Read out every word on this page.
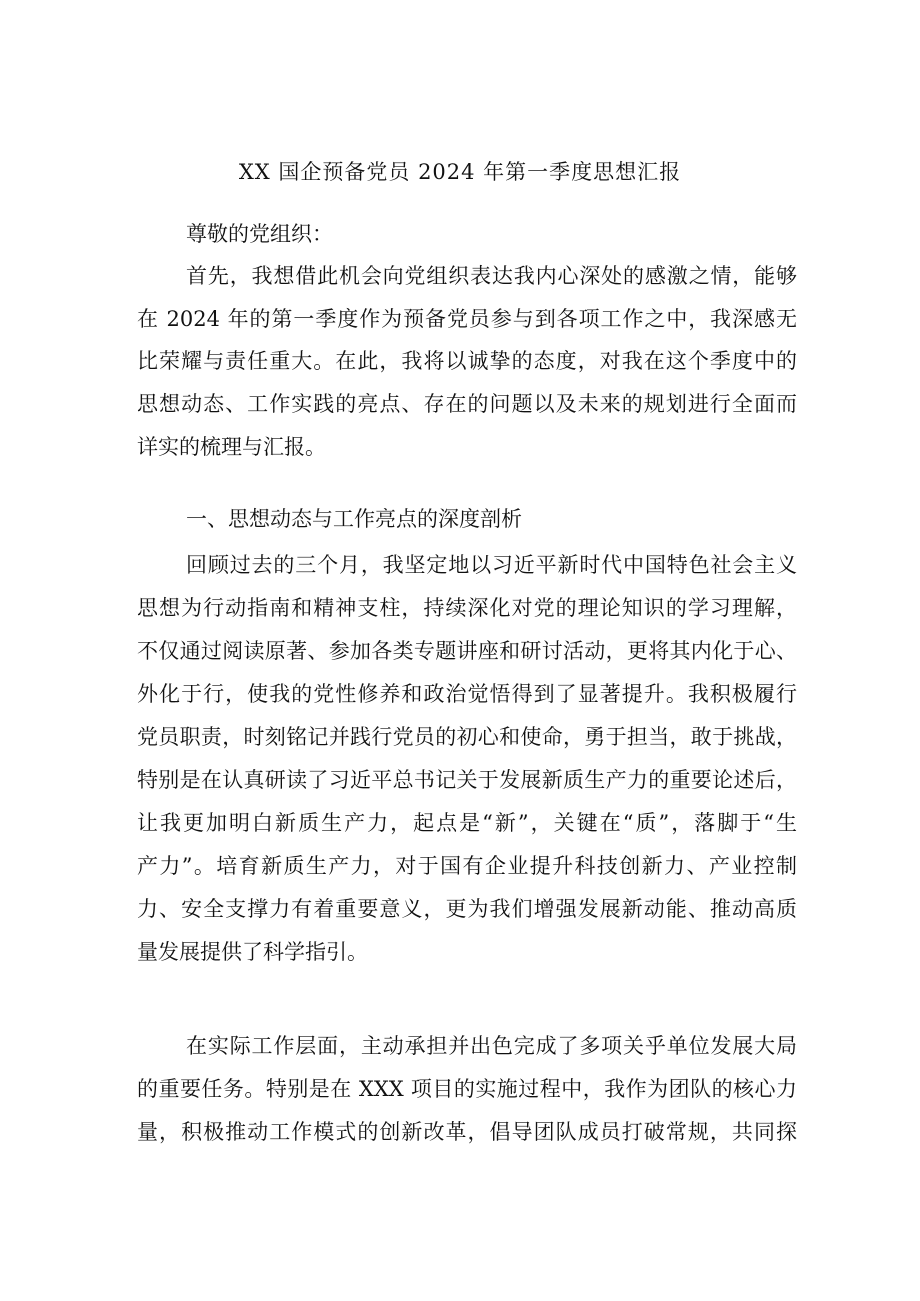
XX 国企预备党员 2024 年第一季度思想汇报
尊敬的党组织：
首先，我想借此机会向党组织表达我内心深处的感激之情，能够
在 2024 年的第一季度作为预备党员参与到各项工作之中，我深感无
比荣耀与责任重大。在此，我将以诚挚的态度，对我在这个季度中的
思想动态、工作实践的亮点、存在的问题以及未来的规划进行全面而
详实的梳理与汇报。
一、思想动态与工作亮点的深度剖析
回顾过去的三个月，我坚定地以习近平新时代中国特色社会主义
思想为行动指南和精神支柱，持续深化对党的理论知识的学习理解，
不仅通过阅读原著、参加各类专题讲座和研讨活动，更将其内化于心、
外化于行，使我的党性修养和政治觉悟得到了显著提升。我积极履行
党员职责，时刻铭记并践行党员的初心和使命，勇于担当，敢于挑战，
特别是在认真研读了习近平总书记关于发展新质生产力的重要论述后，
让我更加明白新质生产力，起点是“新”，关键在“质”，落脚于“生
产力”。培育新质生产力，对于国有企业提升科技创新力、产业控制
力、安全支撑力有着重要意义，更为我们增强发展新动能、推动高质
量发展提供了科学指引。
在实际工作层面，主动承担并出色完成了多项关乎单位发展大局
的重要任务。特别是在 XXX 项目的实施过程中，我作为团队的核心力
量，积极推动工作模式的创新改革，倡导团队成员打破常规，共同探
